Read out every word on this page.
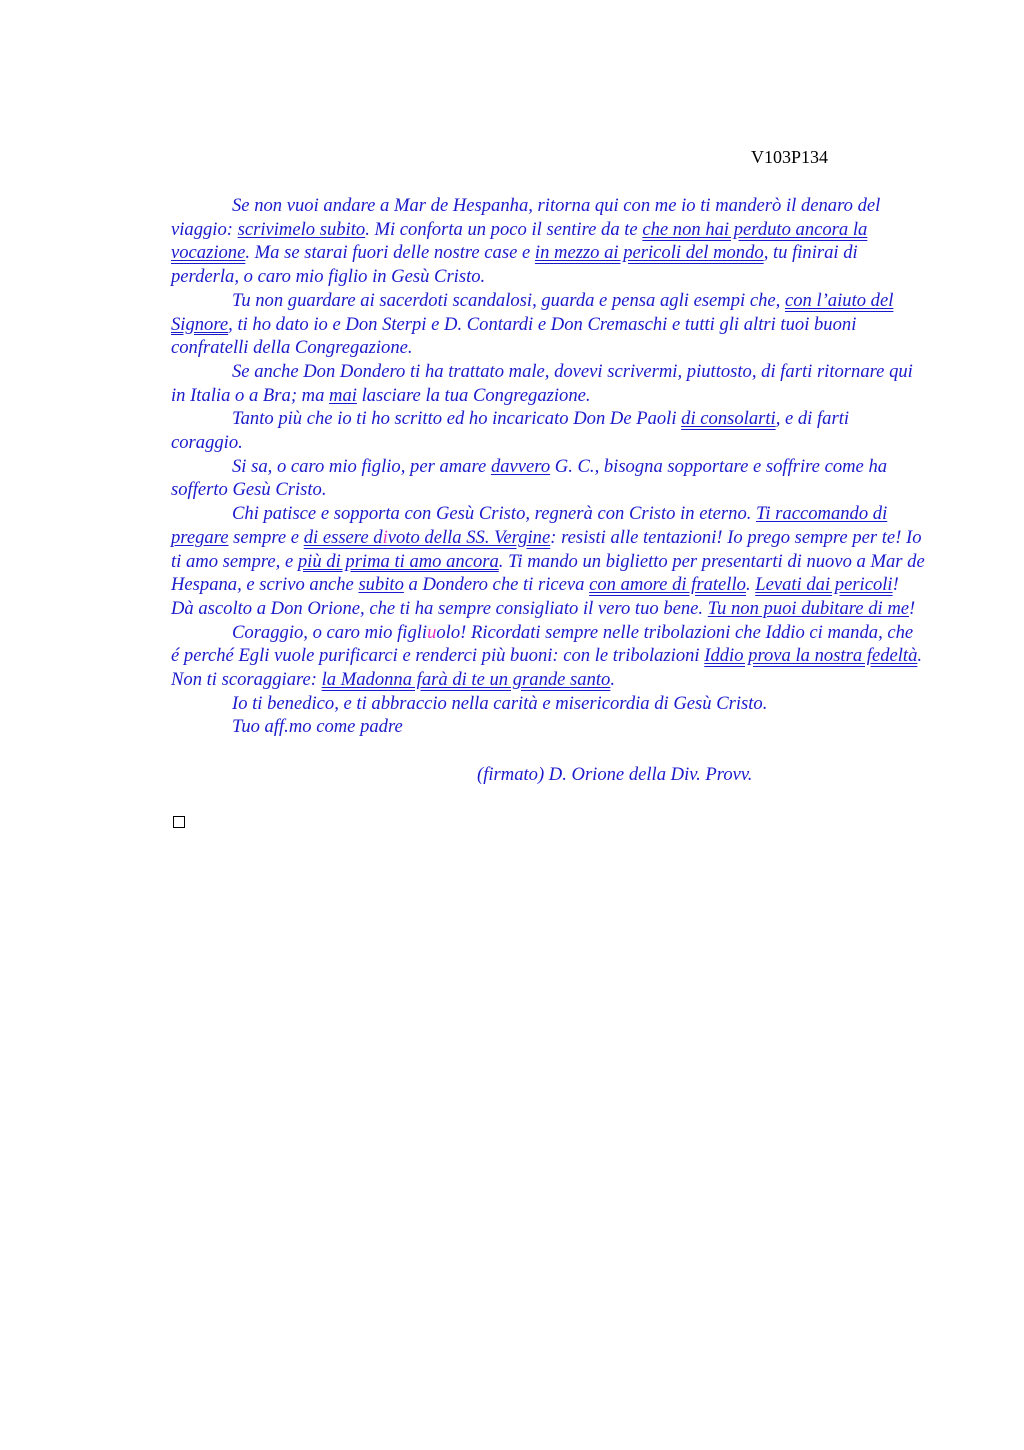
V103P134

Se non vuoi andare a Mar de Hespanha, ritorna qui con me io ti manderò il denaro del viaggio: scrivimelo subito. Mi conforta un poco il sentire da te che non hai perduto ancora la vocazione. Ma se starai fuori delle nostre case e in mezzo ai pericoli del mondo, tu finirai di perderla, o caro mio figlio in Gesù Cristo.

Tu non guardare ai sacerdoti scandalosi, guarda e pensa agli esempi che, con l’aiuto del Signore, ti ho dato io e Don Sterpi e D. Contardi e Don Cremaschi e tutti gli altri tuoi buoni confratelli della Congregazione.

Se anche Don Dondero ti ha trattato male, dovevi scrivermi, piuttosto, di farti ritornare qui in Italia o a Bra; ma mai lasciare la tua Congregazione.

Tanto più che io ti ho scritto ed ho incaricato Don De Paoli di consolarti, e di farti coraggio.

Si sa, o caro mio figlio, per amare davvero G. C., bisogna sopportare e soffrire come ha sofferto Gesù Cristo.

Chi patisce e sopporta con Gesù Cristo, regnerà con Cristo in eterno. Ti raccomando di pregare sempre e di essere divoto della SS. Vergine: resisti alle tentazioni! Io prego sempre per te! Io ti amo sempre, e più di prima ti amo ancora. Ti mando un biglietto per presentarti di nuovo a Mar de Hespana, e scrivo anche subito a Dondero che ti riceva con amore di fratello. Levati dai pericoli! Dà ascolto a Don Orione, che ti ha sempre consigliato il vero tuo bene. Tu non puoi dubitare di me!

Coraggio, o caro mio figliuolo! Ricordati sempre nelle tribolazioni che Iddio ci manda, che é perché Egli vuole purificarci e renderci più buoni: con le tribolazioni Iddio prova la nostra fedeltà. Non ti scoraggiare: la Madonna farà di te un grande santo.

Io ti benedico, e ti abbraccio nella carità e misericordia di Gesù Cristo.

Tuo aff.mo come padre

(firmato) D. Orione della Div. Provv.
